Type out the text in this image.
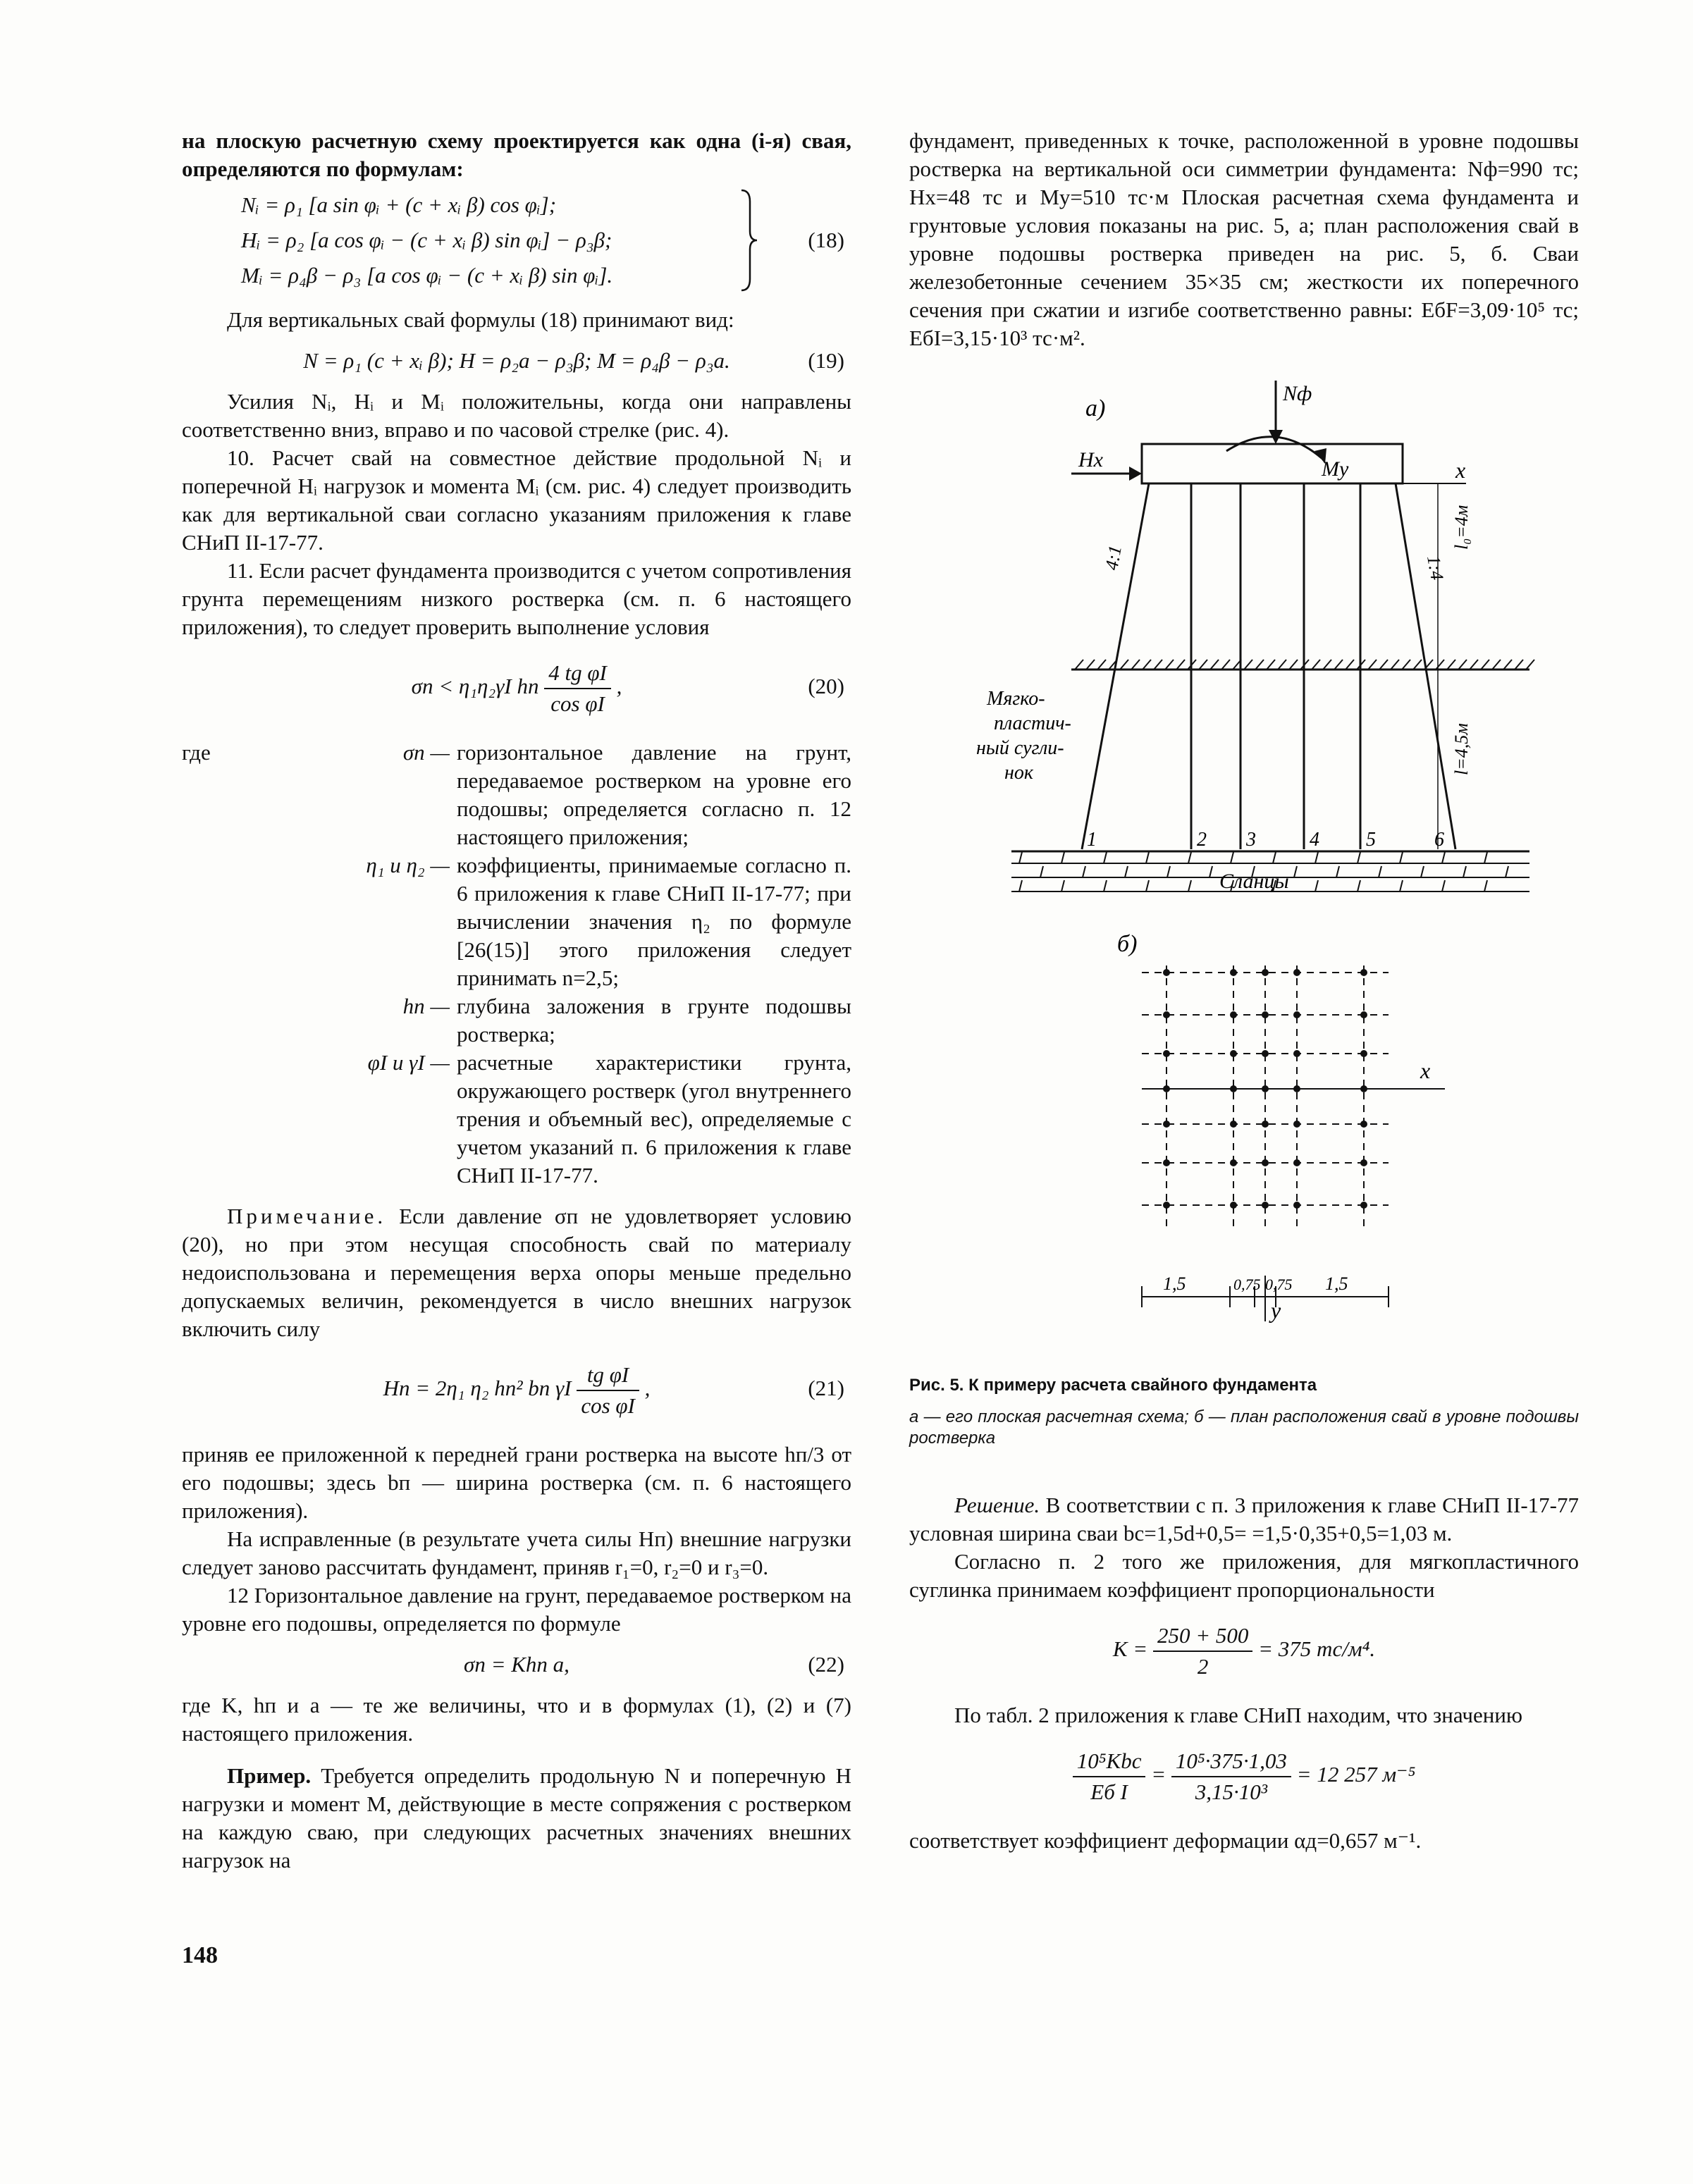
на плоскую расчетную схему проектируется как одна (i-я) свая, определяются по формулам:

Nᵢ = ρ₁ [a sin φᵢ + (c + xᵢ β) cos φᵢ];
Hᵢ = ρ₂ [a cos φᵢ − (c + xᵢ β) sin φᵢ] − ρ₃β;
Mᵢ = ρ₄β − ρ₃ [a cos φᵢ − (c + xᵢ β) sin φᵢ].
(18)

Для вертикальных свай формулы (18) принимают вид:

N = ρ₁ (c + xᵢ β); H = ρ₂a − ρ₃β; M = ρ₄β − ρ₃a.	(19)

Усилия Nᵢ, Hᵢ и Mᵢ положительны, когда они направлены соответственно вниз, вправо и по часовой стрелке (рис. 4).

10. Расчет свай на совместное действие продольной Nᵢ и поперечной Hᵢ нагрузок и момента Mᵢ (см. рис. 4) следует производить как для вертикальной сваи согласно указаниям приложения к главе СНиП II-17-77.

11. Если расчет фундамента производится с учетом сопротивления грунта перемещениям низкого ростверка (см. п. 6 настоящего приложения), то следует проверить выполнение условия

σп < η₁η₂γI hп $\frac{\text{4 tg φI}}{\text{cos φI}}$ ,	(20)
где	σп — горизонтальное давление на грунт, передаваемое ростверком на уровне его подошвы; определяется согласно п. 12 настоящего приложения;
η₁ и η₂ — коэффициенты, принимаемые согласно п. 6 приложения к главе СНиП II-17-77; при вычислении значения η₂ по формуле [26(15)] этого приложения следует принимать n=2,5;
hп — глубина заложения в грунте подошвы ростверка;
φI и γI — расчетные характеристики грунта, окружающего ростверк (угол внутреннего трения и объемный вес), определяемые с учетом указаний п. 6 приложения к главе СНиП II-17-77.

Примечание. Если давление σп не удовлетворяет условию (20), но при этом несущая способность свай по материалу недоиспользована и перемещения верха опоры меньше предельно допускаемых величин, рекомендуется в число внешних нагрузок включить силу

Hп = 2η₁ η₂ hп² bп γI $\frac{\text{tg φI}}{\text{cos φI}}$ ,	(21)

приняв ее приложенной к передней грани ростверка на высоте hп/3 от его подошвы; здесь bп — ширина ростверка (см. п. 6 настоящего приложения).

На исправленные (в результате учета силы Hп) внешние нагрузки следует заново рассчитать фундамент, приняв r₁=0, r₂=0 и r₃=0.

12 Горизонтальное давление на грунт, передаваемое ростверком на уровне его подошвы, определяется по формуле

σп = Khп a,	(22)

где K, hп и a — те же величины, что и в формулах (1), (2) и (7) настоящего приложения.

Пример. Требуется определить продольную N и поперечную H нагрузки и момент M, действующие в месте сопряжения с ростверком на каждую сваю, при следующих расчетных значениях внешних нагрузок на

фундамент, приведенных к точке, расположенной в уровне подошвы ростверка на вертикальной оси симметрии фундамента: Nф=990 тс; Hx=48 тс и My=510 тс·м Плоская расчетная схема фундамента и грунтовые условия показаны на рис. 5, а; план расположения свай в уровне подошвы ростверка приведен на рис. 5, б. Сваи железобетонные сечением 35×35 см; жесткости их поперечного сечения при сжатии и изгибе соответственно равны: EбF=3,09·10⁵ тс; EбI=3,15·10³ тс·м².

а)
Nф
My
Hx	x
4:1	1:4
l₀=4м
l=4,5м
Мягко-
пластич-
ный сугли-
нок
1	2 3	4 5	6
Сланцы
б)
x
y
1,5	0,75 0,75 1,5

Рис. 5. К примеру расчета свайного фундамента

а — его плоская расчетная схема; б — план расположения свай в уровне подошвы ростверка

Решение. В соответствии с п. 3 приложения к главе СНиП II-17-77 условная ширина сваи bс=1,5d+0,5= =1,5·0,35+0,5=1,03 м.

Согласно п. 2 того же приложения, для мягкопластичного суглинка принимаем коэффициент пропорциональности

$K = \frac{250 + 500}{2} = 375$ тс/м⁴.

По табл. 2 приложения к главе СНиП находим, что значению

$\frac{\text{10⁵Kbс}}{\text{Eб I}} = \frac{\text{10⁵·375·1,03}}{\text{3,15·10³}} = 12$ 257 м⁻⁵

соответствует коэффициент деформации αд=0,657 м⁻¹.

148
